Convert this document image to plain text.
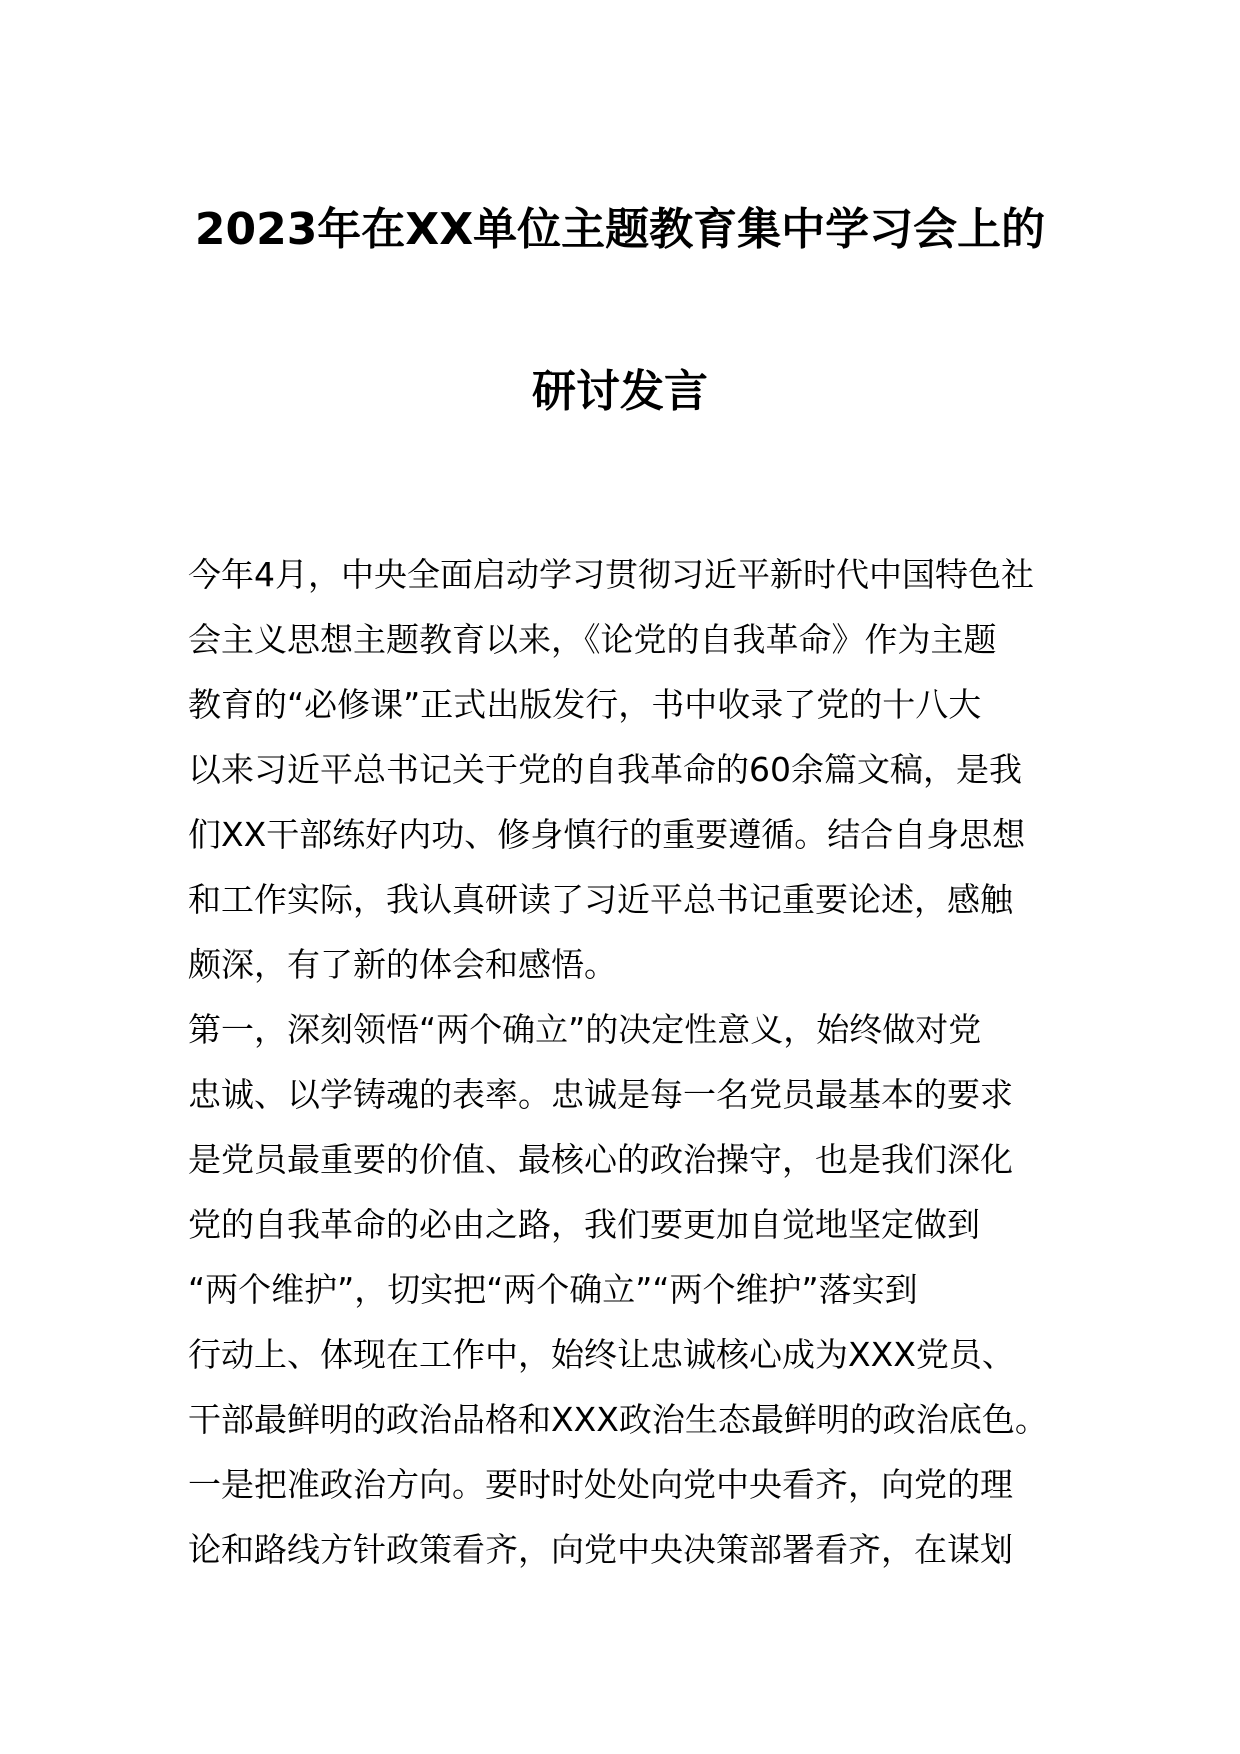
2023年在XX单位主题教育集中学习会上的
研讨发言
今年4月，中央全面启动学习贯彻习近平新时代中国特色社
会主义思想主题教育以来，《论党的自我革命》作为主题
教育的“必修课”正式出版发行，书中收录了党的十八大
以来习近平总书记关于党的自我革命的60余篇文稿，是我
们XX干部练好内功、修身慎行的重要遵循。结合自身思想
和工作实际，我认真研读了习近平总书记重要论述，感触
颇深，有了新的体会和感悟。
第一，深刻领悟“两个确立”的决定性意义，始终做对党
忠诚、以学铸魂的表率。忠诚是每一名党员最基本的要求
是党员最重要的价值、最核心的政治操守，也是我们深化
党的自我革命的必由之路，我们要更加自觉地坚定做到
“两个维护”，切实把“两个确立”“两个维护”落实到
行动上、体现在工作中，始终让忠诚核心成为XXX党员、
干部最鲜明的政治品格和XXX政治生态最鲜明的政治底色。
一是把准政治方向。要时时处处向党中央看齐，向党的理
论和路线方针政策看齐，向党中央决策部署看齐，在谋划
